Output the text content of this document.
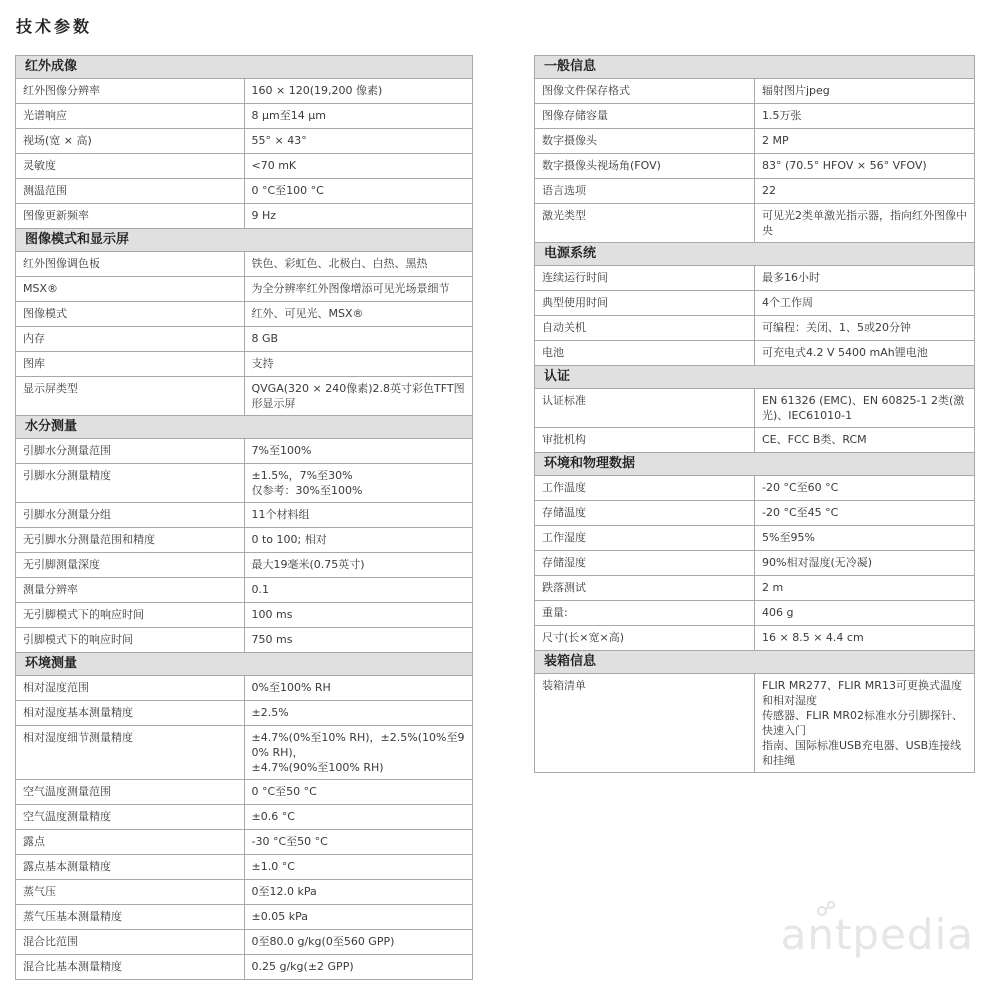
技术参数
红外成像	
红外图像分辨率	160 × 120(19,200 像素)

光谱响应	8 μm至14 μm

视场(宽 × 高)	55° × 43°

灵敏度	<70 mK

测温范围	0 °C至100 °C

图像更新频率	9 Hz

图像模式和显示屏	
红外图像调色板	铁色、彩虹色、北极白、白热、黑热

MSX®	为全分辨率红外图像增添可见光场景细节

图像模式	红外、可见光、MSX®

内存	8 GB

图库	支持

显示屏类型	QVGA(320 × 240像素)2.8英寸彩色TFT图形显示屏

水分测量	
引脚水分测量范围	7%至100%

引脚水分测量精度	±1.5%，7%至30%
仅参考：30%至100%

引脚水分测量分组	11个材料组

无引脚水分测量范围和精度	0 to 100; 相对

无引脚测量深度	最大19毫米(0.75英寸)

测量分辨率	0.1

无引脚模式下的响应时间	100 ms

引脚模式下的响应时间	750 ms

环境测量	
相对湿度范围	0%至100% RH

相对湿度基本测量精度	±2.5%

相对湿度细节测量精度	±4.7%(0%至10% RH)，±2.5%(10%至90% RH)，
±4.7%(90%至100% RH)

空气温度测量范围	0 °C至50 °C

空气温度测量精度	±0.6 °C

露点	-30 °C至50 °C

露点基本测量精度	±1.0 °C

蒸气压	0至12.0 kPa

蒸气压基本测量精度	±0.05 kPa

混合比范围	0至80.0 g/kg(0至560 GPP)

混合比基本测量精度	0.25 g/kg(±2 GPP)
一般信息	
图像文件保存格式	辐射图片jpeg

图像存储容量	1.5万张

数字摄像头	2 MP

数字摄像头视场角(FOV)	83° (70.5° HFOV × 56° VFOV)

语言选项	22

激光类型	可见光2类单激光指示器，指向红外图像中央

电源系统	
连续运行时间	最多16小时

典型使用时间	4个工作周

自动关机	可编程：关闭、1、5或20分钟

电池	可充电式4.2 V 5400 mAh锂电池

认证	
认证标准	EN 61326 (EMC)、EN 60825-1 2类(激光)、IEC61010-1

审批机构	CE、FCC B类、RCM

环境和物理数据	
工作温度	-20 °C至60 °C

存储温度	-20 °C至45 °C

工作湿度	5%至95%

存储湿度	90%相对湿度(无冷凝)

跌落测试	2 m

重量:	406 g

尺寸(长×宽×高)	16 × 8.5 × 4.4 cm

装箱信息	
装箱清单	FLIR MR277、FLIR MR13可更换式温度和相对湿度
传感器、FLIR MR02标准水分引脚探针、快速入门
指南、国际标准USB充电器、USB连接线和挂绳
antpedia
